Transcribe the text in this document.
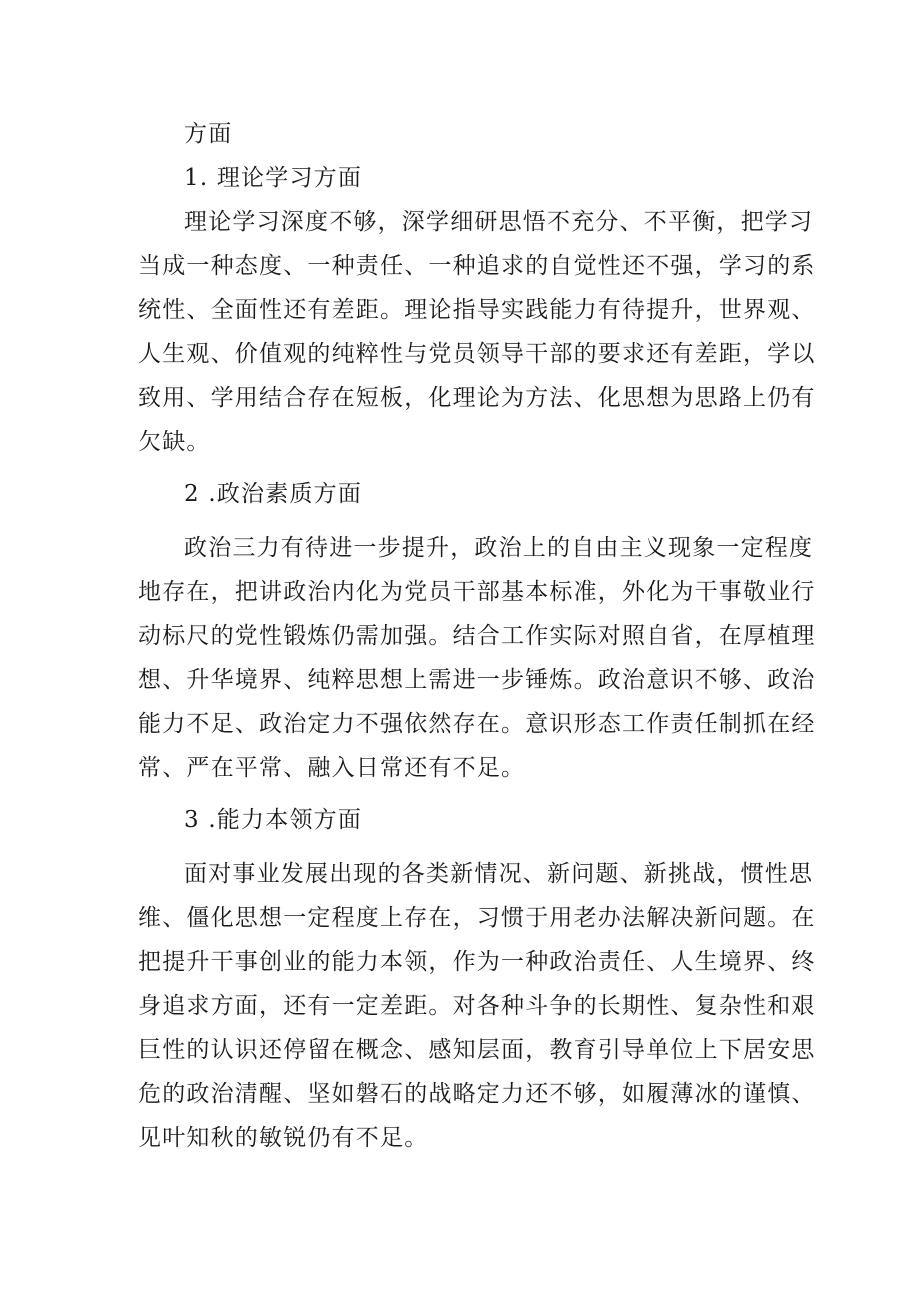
方面

1. 理论学习方面

理论学习深度不够，深学细研思悟不充分、不平衡，把学习

当成一种态度、一种责任、一种追求的自觉性还不强，学习的系

统性、全面性还有差距。理论指导实践能力有待提升，世界观、

人生观、价值观的纯粹性与党员领导干部的要求还有差距，学以

致用、学用结合存在短板，化理论为方法、化思想为思路上仍有

欠缺。

2 .政治素质方面

政治三力有待进一步提升，政治上的自由主义现象一定程度

地存在，把讲政治内化为党员干部基本标准，外化为干事敬业行

动标尺的党性锻炼仍需加强。结合工作实际对照自省，在厚植理

想、升华境界、纯粹思想上需进一步锤炼。政治意识不够、政治

能力不足、政治定力不强依然存在。意识形态工作责任制抓在经

常、严在平常、融入日常还有不足。

3 .能力本领方面

面对事业发展出现的各类新情况、新问题、新挑战，惯性思

维、僵化思想一定程度上存在，习惯于用老办法解决新问题。在

把提升干事创业的能力本领，作为一种政治责任、人生境界、终

身追求方面，还有一定差距。对各种斗争的长期性、复杂性和艰

巨性的认识还停留在概念、感知层面，教育引导单位上下居安思

危的政治清醒、坚如磐石的战略定力还不够，如履薄冰的谨慎、

见叶知秋的敏锐仍有不足。
